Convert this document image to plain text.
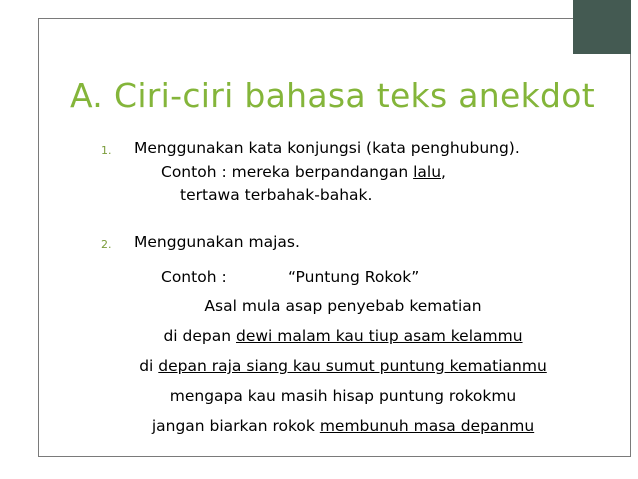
A. Ciri-ciri bahasa teks anekdot
1. Menggunakan kata konjungsi (kata penghubung).
Contoh : mereka berpandangan lalu,
tertawa terbahak-bahak.
2. Menggunakan majas.
Contoh :	“Puntung Rokok”
Asal mula asap penyebab kematian
di depan dewi malam kau tiup asam kelammu
di depan raja siang kau sumut puntung kematianmu
mengapa kau masih hisap puntung rokokmu
jangan biarkan rokok membunuh masa depanmu
